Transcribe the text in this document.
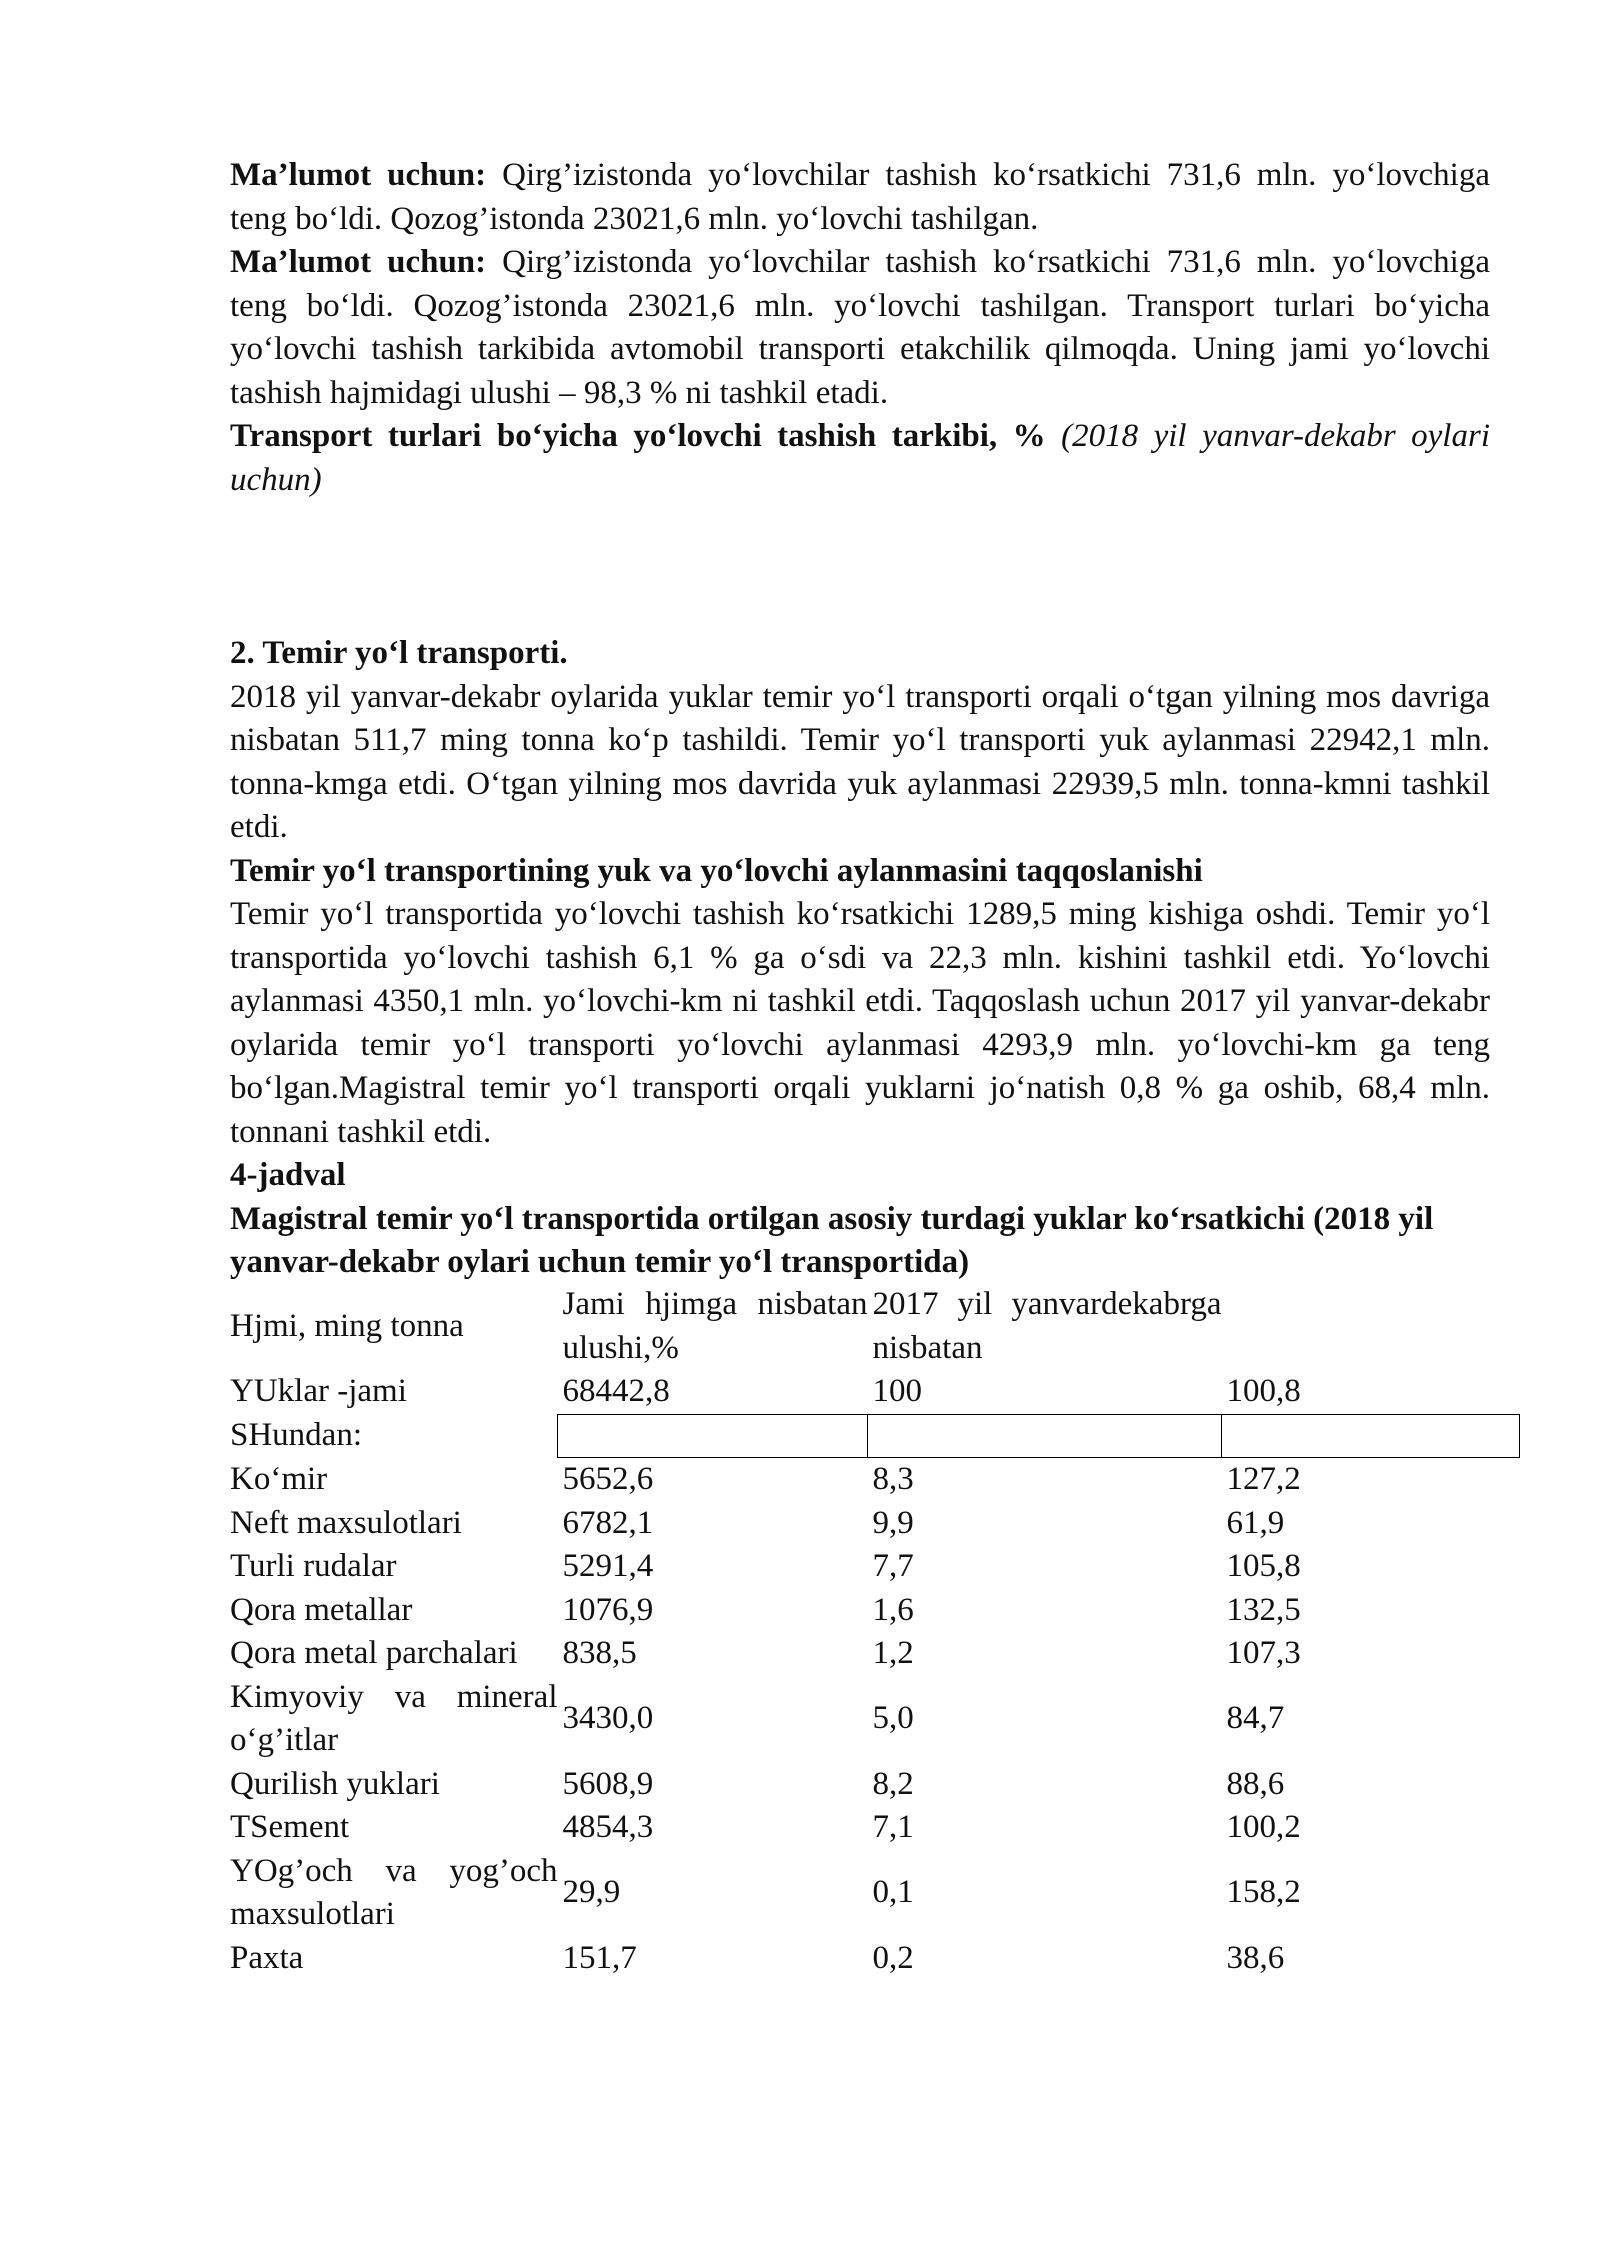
Ma’lumot uchun: Qirg’izistonda yo‘lovchilar tashish ko‘rsatkichi 731,6 mln. yo‘lovchiga teng bo‘ldi. Qozog’istonda 23021,6 mln. yo‘lovchi tashilgan.

Ma’lumot uchun: Qirg’izistonda yo‘lovchilar tashish ko‘rsatkichi 731,6 mln. yo‘lovchiga teng bo‘ldi. Qozog’istonda 23021,6 mln. yo‘lovchi tashilgan. Transport turlari bo‘yicha yo‘lovchi tashish tarkibida avtomobil transporti etakchilik qilmoqda. Uning jami yo‘lovchi tashish hajmidagi ulushi – 98,3 % ni tashkil etadi.

Transport turlari bo‘yicha yo‘lovchi tashish tarkibi, % (2018 yil yanvar-dekabr oylari uchun)

2. Temir yo‘l transporti.

2018 yil yanvar-dekabr oylarida yuklar temir yo‘l transporti orqali o‘tgan yilning mos davriga nisbatan 511,7 ming tonna ko‘p tashildi. Temir yo‘l transporti yuk aylanmasi 22942,1 mln. tonna-kmga etdi. O‘tgan yilning mos davrida yuk aylanmasi 22939,5 mln. tonna-kmni tashkil etdi.

Temir yo‘l transportining yuk va yo‘lovchi aylanmasini taqqoslanishi

Temir yo‘l transportida yo‘lovchi tashish ko‘rsatkichi 1289,5 ming kishiga oshdi. Temir yo‘l transportida yo‘lovchi tashish 6,1 % ga o‘sdi va 22,3 mln. kishini tashkil etdi. Yo‘lovchi aylanmasi 4350,1 mln. yo‘lovchi-km ni tashkil etdi. Taqqoslash uchun 2017 yil yanvar-dekabr oylarida temir yo‘l transporti yo‘lovchi aylanmasi 4293,9 mln. yo‘lovchi-km ga teng bo‘lgan.Magistral temir yo‘l transporti orqali yuklarni jo‘natish 0,8 % ga oshib, 68,4 mln. tonnani tashkil etdi.

4-jadval

Magistral temir yo‘l transportida ortilgan asosiy turdagi yuklar ko‘rsatkichi (2018 yil yanvar-dekabr oylari uchun temir yo‘l transportida)

Hjmi, ming tonna	Jami hjimga nisbatan ulushi,%	2017 yil yanvardekabrga nisbatan	

YUklar -jami	68442,8	100	100,8
SHundan:			
Ko‘mir	5652,6	8,3	127,2
Neft maxsulotlari	6782,1	9,9	61,9
Turli rudalar	5291,4	7,7	105,8
Qora metallar	1076,9	1,6	132,5
Qora metal parchalari	838,5	1,2	107,3
Kimyoviy va mineral o‘g’itlar	3430,0	5,0	84,7
Qurilish yuklari	5608,9	8,2	88,6
TSement	4854,3	7,1	100,2
YOg’och va yog’och maxsulotlari	29,9	0,1	158,2
Paxta	151,7	0,2	38,6
